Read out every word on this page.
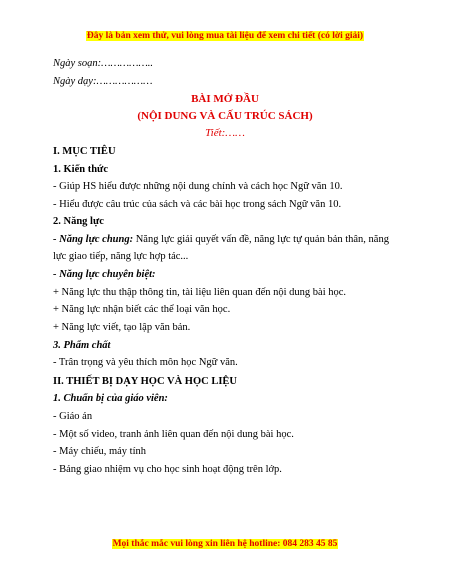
Đây là bản xem thử, vui lòng mua tài liệu để xem chi tiết (có lời giải)
Ngày soạn:……………..
Ngày dạy:………………
BÀI MỞ ĐẦU
(NỘI DUNG VÀ CẤU TRÚC SÁCH)
Tiết:……
I. MỤC TIÊU
1. Kiến thức
- Giúp HS hiểu được những nội dung chính và cách học Ngữ văn 10.
- Hiểu được câu trúc của sách và các bài học trong sách Ngữ văn 10.
2. Năng lực
- Năng lực chung: Năng lực giải quyết vấn đề, năng lực tự quản bản thân, năng
lực giao tiếp, năng lực hợp tác...
- Năng lực chuyên biệt:
+ Năng lực thu thập thông tin, tài liệu liên quan đến nội dung bài học.
+ Năng lực nhận biết các thể loại văn học.
+ Năng lực viết, tạo lập văn bản.
3. Phẩm chất
- Trân trọng và yêu thích môn học Ngữ văn.
II. THIẾT BỊ DẠY HỌC VÀ HỌC LIỆU
1. Chuẩn bị của giáo viên:
- Giáo án
- Một số video, tranh ảnh liên quan đến nội dung bài học.
- Máy chiếu, máy tính
- Bảng giao nhiệm vụ cho học sinh hoạt động trên lớp.
Mọi thắc mắc vui lòng xin liên hệ hotline: 084 283 45 85
